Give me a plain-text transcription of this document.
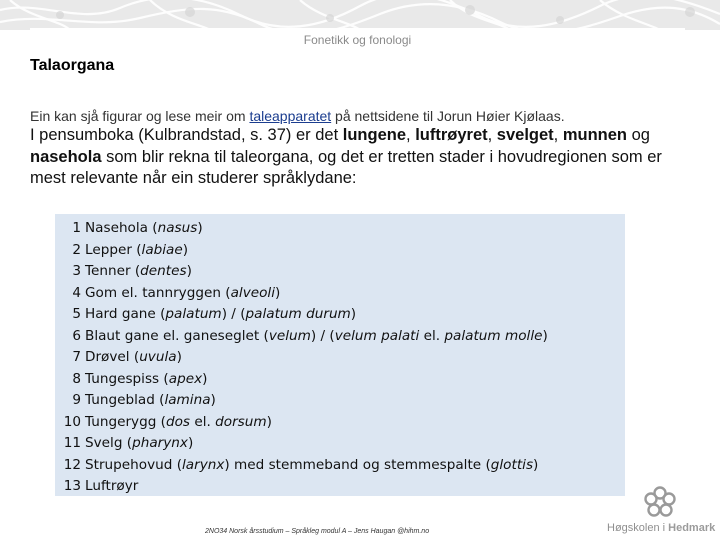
Fonetikk og fonologi
Talaorgana
Ein kan sjå figurar og lese meir om taleapparatet på nettsidene til Jorun Høier Kjølaas.
I pensumboka (Kulbrandstad, s. 37) er det lungene, luftrøyret, svelget, munnen og nasehola som blir rekna til taleorgana, og det er tretten stader i hovudregionen som er mest relevante når ein studerer språklydane:
1 Nasehola (nasus)
2 Lepper (labiae)
3 Tenner (dentes)
4 Gom el. tannryggen (alveoli)
5 Hard gane (palatum) / (palatum durum)
6 Blaut gane el. ganeseglet (velum) / (velum palati el. palatum molle)
7 Drøvel (uvula)
8 Tungespiss (apex)
9 Tungeblad (lamina)
10 Tungerygg (dos el. dorsum)
11 Svelg (pharynx)
12 Strupehovud (larynx) med stemmeband og stemmespalte (glottis)
13 Luftrøyr
2NO34 Norsk årsstudium – Språkleg modul A – Jens Haugan @hihm.no	Høgskolen i Hedmark
